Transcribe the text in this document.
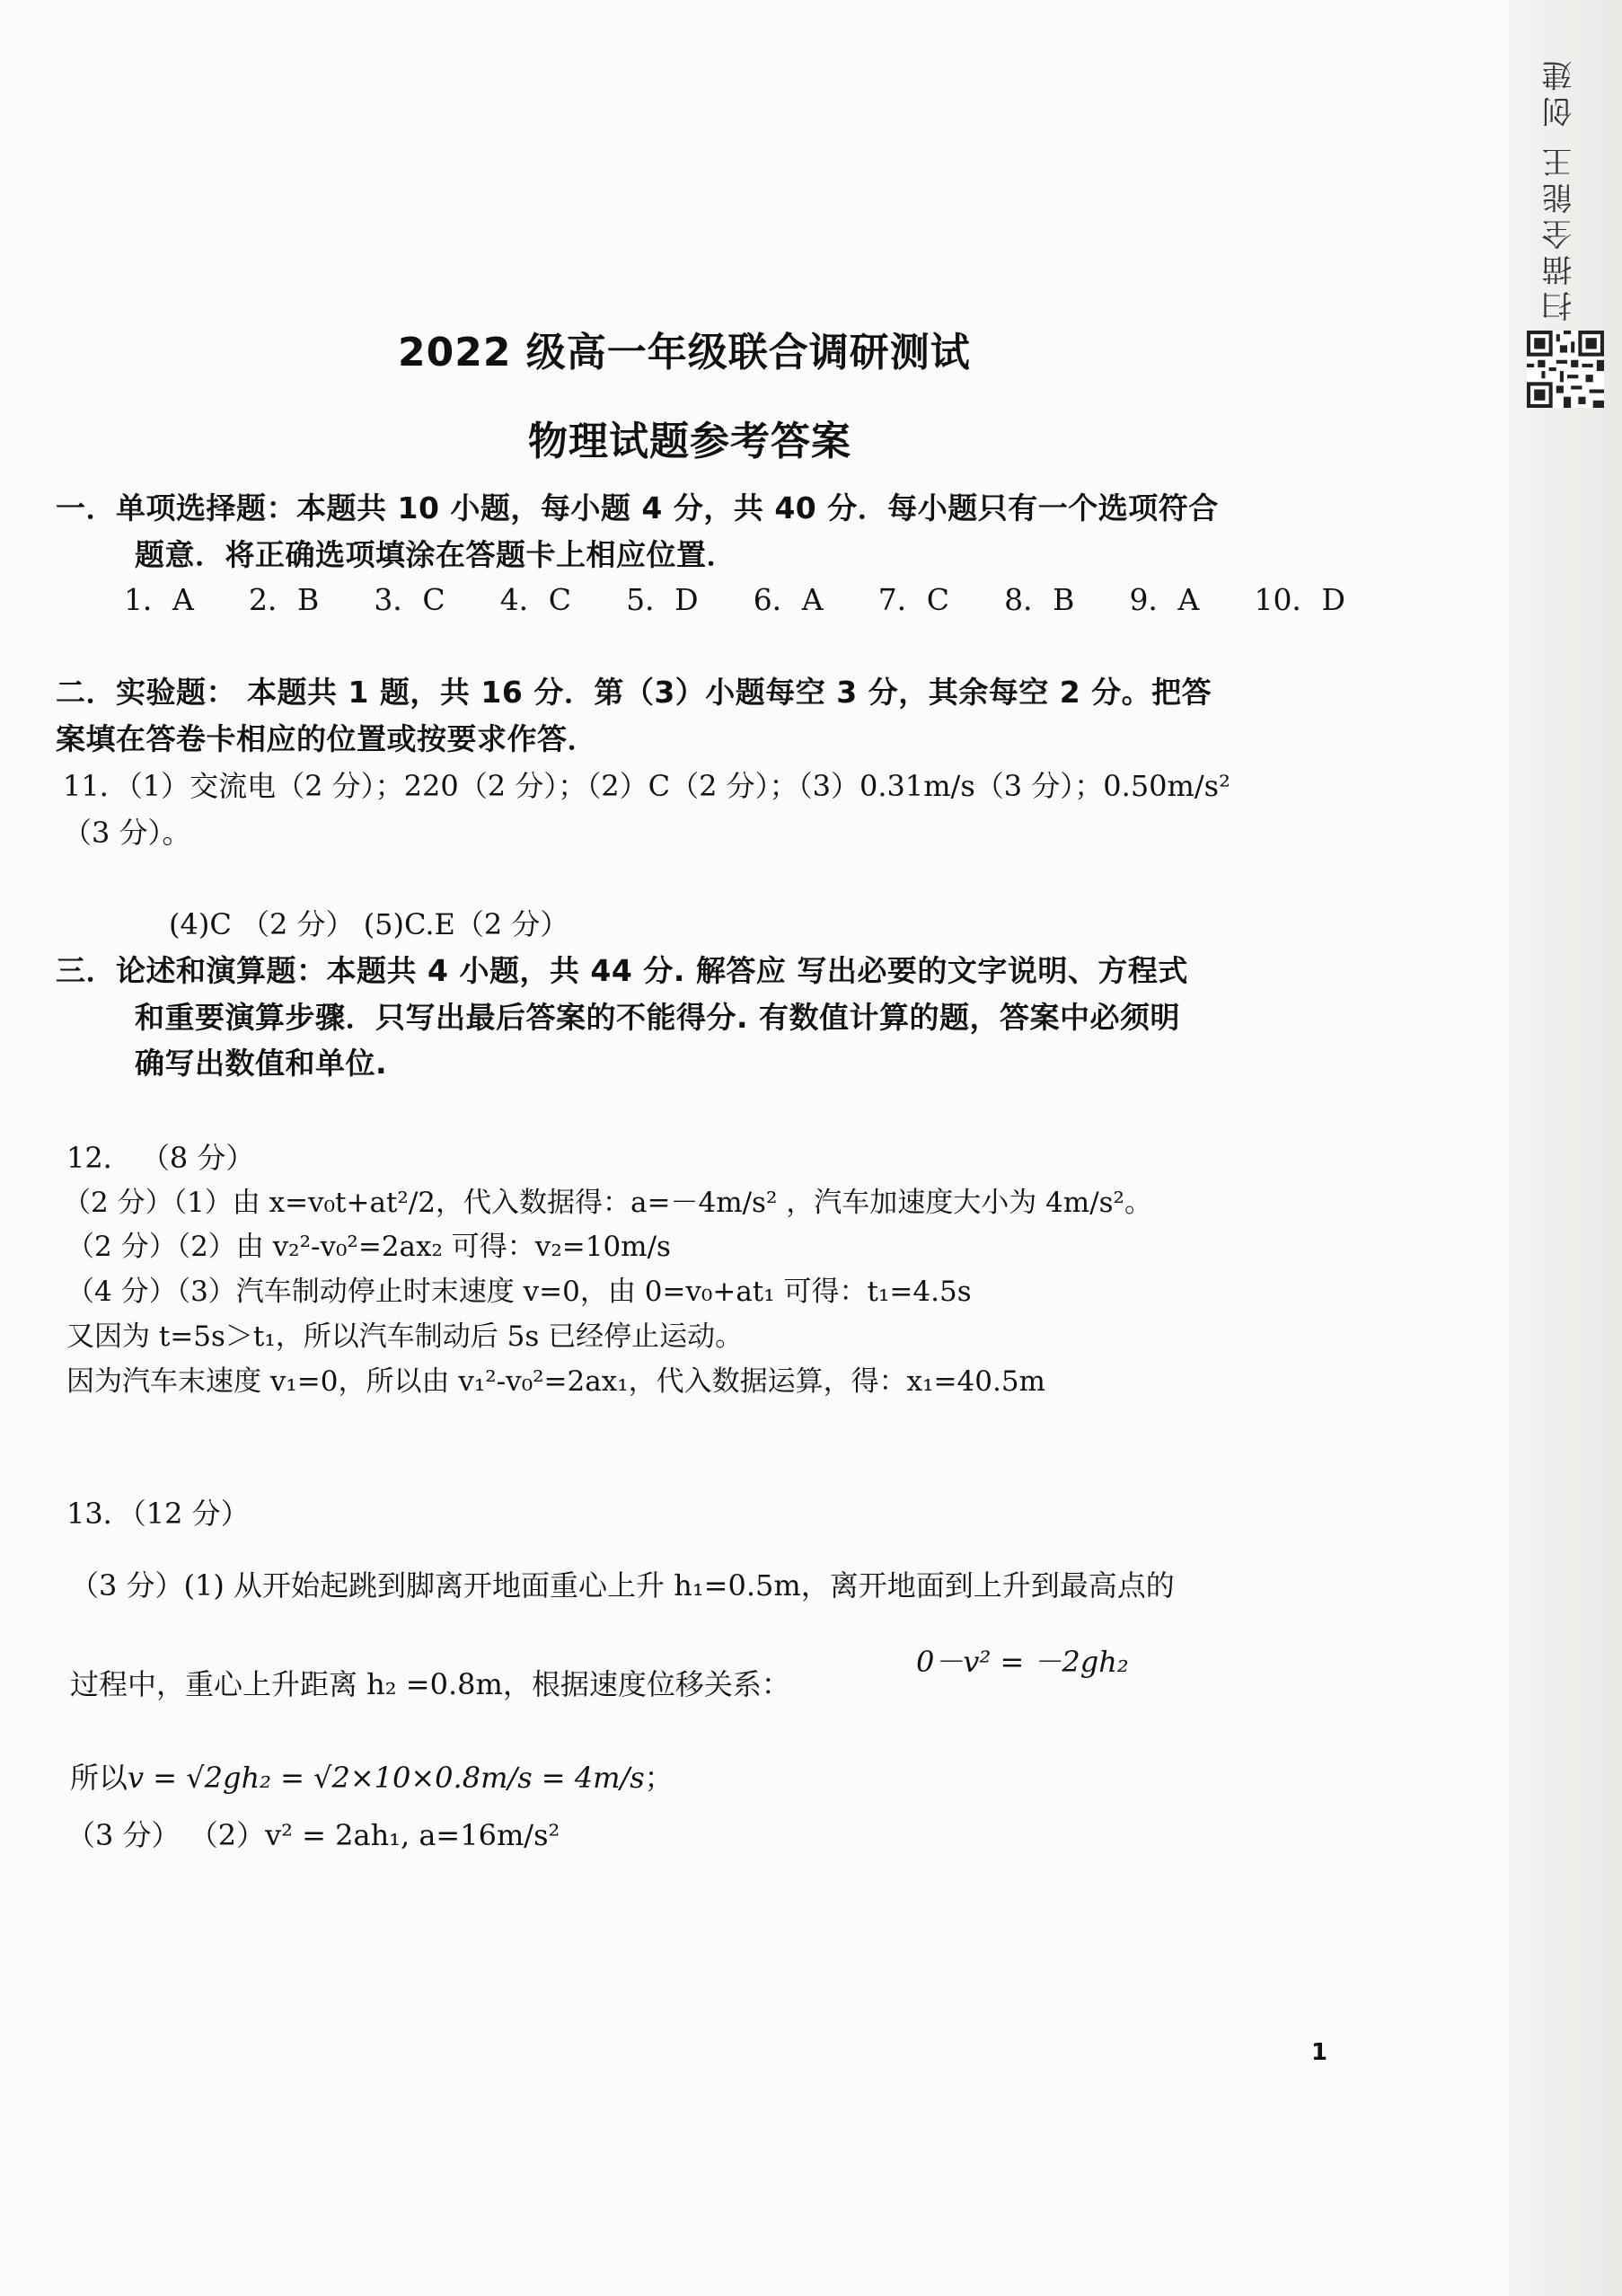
扫描全能王 创建
2022 级高一年级联合调研测试
物理试题参考答案
一．单项选择题：本题共 10 小题，每小题 4 分，共 40 分．每小题只有一个选项符合
题意．将正确选项填涂在答题卡上相应位置．
1．A 2．B 3．C 4．C 5．D 6．A 7．C 8．B 9．A 10．D
二．实验题： 本题共 1 题，共 16 分．第（3）小题每空 3 分，其余每空 2 分。把答
案填在答卷卡相应的位置或按要求作答．
11．（1）交流电（2 分）；220（2 分）；（2）C（2 分）；（3）0.31m/s（3 分）；0.50m/s²
（3 分）。
(4)C （2 分） (5)C.E（2 分）
三．论述和演算题：本题共 4 小题，共 44 分. 解答应 写出必要的文字说明、方程式
和重要演算步骤．只写出最后答案的不能得分. 有数值计算的题，答案中必须明
确写出数值和单位.
12． （8 分）
（2 分）（1）由 x=v₀t+at²/2，代入数据得：a=－4m/s² ，汽车加速度大小为 4m/s²。
（2 分）（2）由 v₂²-v₀²=2ax₂ 可得：v₂=10m/s
（4 分）（3）汽车制动停止时末速度 v=0，由 0=v₀+at₁ 可得：t₁=4.5s
又因为 t=5s＞t₁，所以汽车制动后 5s 已经停止运动。
因为汽车末速度 v₁=0，所以由 v₁²-v₀²=2ax₁，代入数据运算，得：x₁=40.5m
13．（12 分）
（3 分）(1) 从开始起跳到脚离开地面重心上升 h₁=0.5m，离开地面到上升到最高点的
过程中，重心上升距离 h₂ =0.8m，根据速度位移关系：
0－v² = －2gh₂
所以v = √2gh₂ = √2×10×0.8m/s = 4m/s；
（3 分） （2）v² = 2ah₁, a=16m/s²
1
